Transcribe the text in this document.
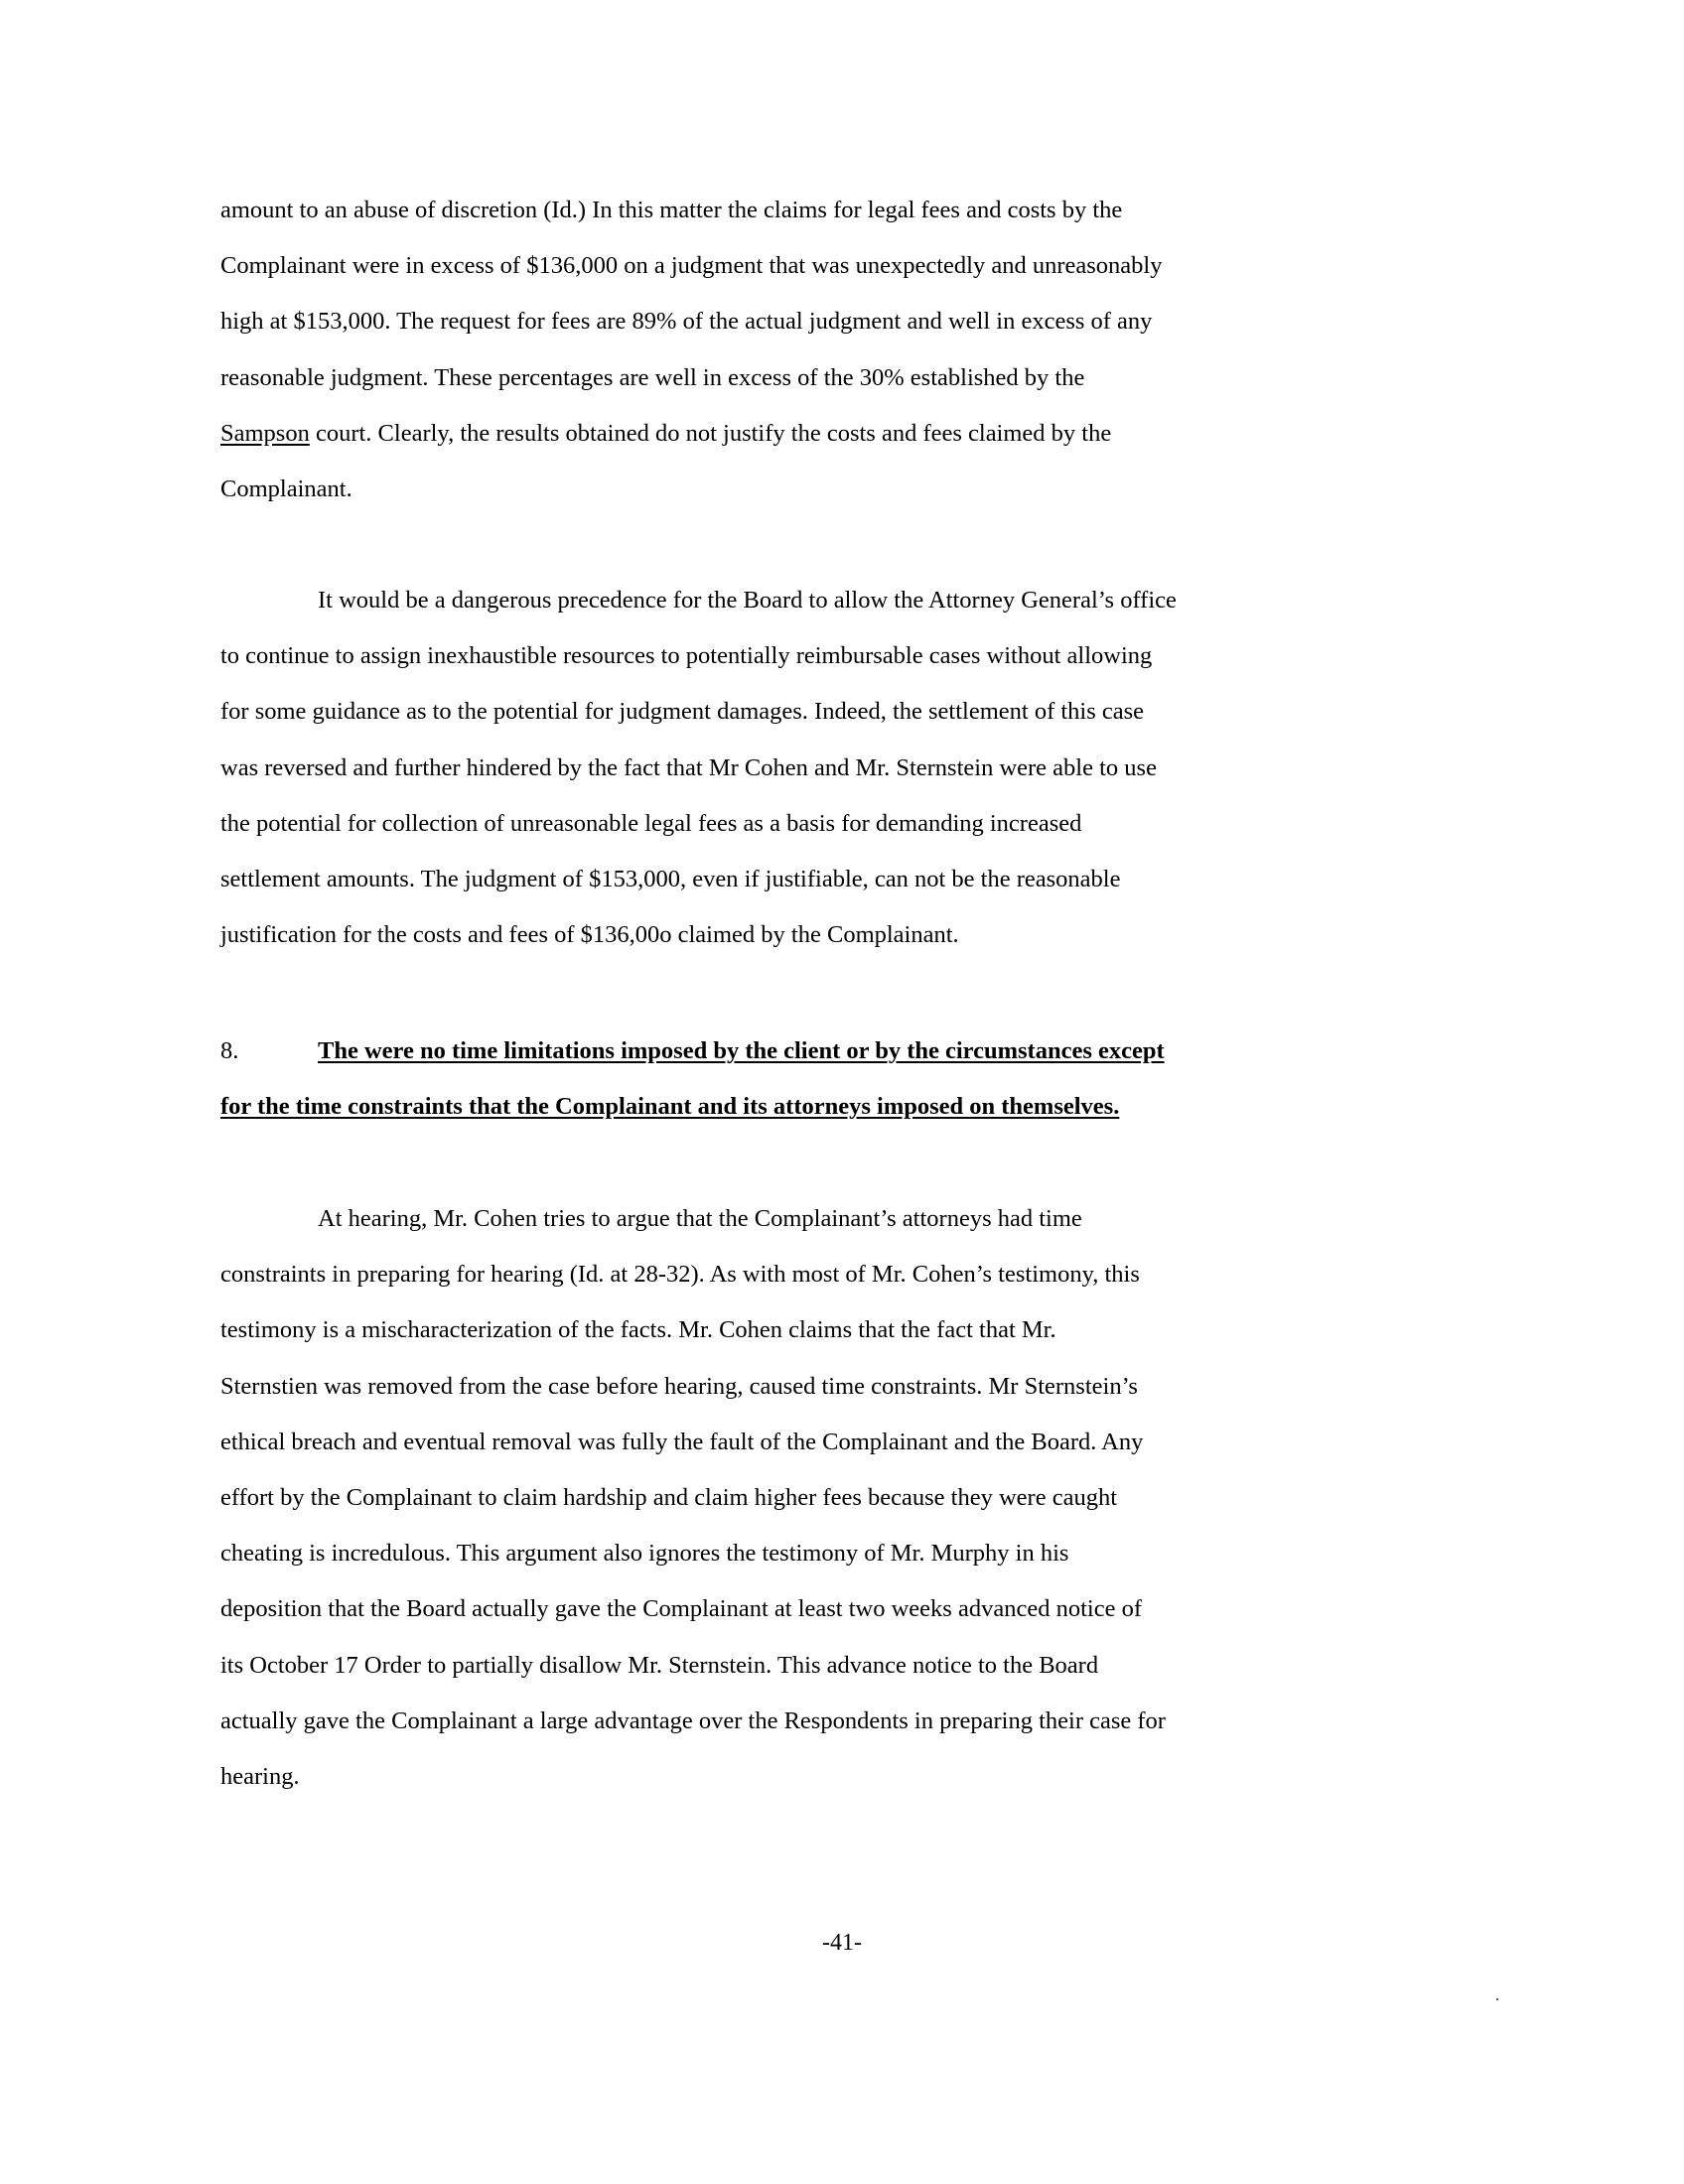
amount to an abuse of discretion (Id.) In this matter the claims for legal fees and costs by the
Complainant were in excess of $136,000 on a judgment that was unexpectedly and unreasonably
high at $153,000. The request for fees are 89% of the actual judgment and well in excess of any
reasonable judgment. These percentages are well in excess of the 30% established by the
Sampson court. Clearly, the results obtained do not justify the costs and fees claimed by the
Complainant.
It would be a dangerous precedence for the Board to allow the Attorney General’s office
to continue to assign inexhaustible resources to potentially reimbursable cases without allowing
for some guidance as to the potential for judgment damages. Indeed, the settlement of this case
was reversed and further hindered by the fact that Mr Cohen and Mr. Sternstein were able to use
the potential for collection of unreasonable legal fees as a basis for demanding increased
settlement amounts. The judgment of $153,000, even if justifiable, can not be the reasonable
justification for the costs and fees of $136,00o claimed by the Complainant.
8.	The were no time limitations imposed by the client or by the circumstances except
for the time constraints that the Complainant and its attorneys imposed on themselves.
At hearing, Mr. Cohen tries to argue that the Complainant’s attorneys had time
constraints in preparing for hearing (Id. at 28-32). As with most of Mr. Cohen’s testimony, this
testimony is a mischaracterization of the facts. Mr. Cohen claims that the fact that Mr.
Sternstien was removed from the case before hearing, caused time constraints. Mr Sternstein’s
ethical breach and eventual removal was fully the fault of the Complainant and the Board. Any
effort by the Complainant to claim hardship and claim higher fees because they were caught
cheating is incredulous. This argument also ignores the testimony of Mr. Murphy in his
deposition that the Board actually gave the Complainant at least two weeks advanced notice of
its October 17 Order to partially disallow Mr. Sternstein. This advance notice to the Board
actually gave the Complainant a large advantage over the Respondents in preparing their case for
hearing.
-41-
